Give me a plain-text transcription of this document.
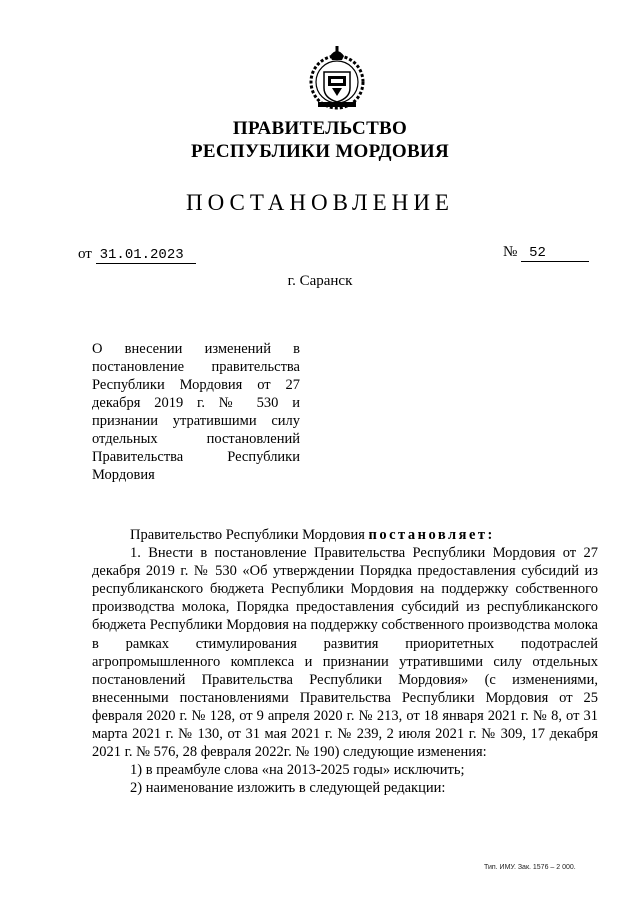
ПРАВИТЕЛЬСТВО
РЕСПУБЛИКИ МОРДОВИЯ
ПОСТАНОВЛЕНИЕ
от 31.01.2023	№ 52
г. Саранск
О внесении изменений в постановление правительства Республики Мордовия от 27 декабря 2019 г. № 530 и признании утратившими силу отдельных постановлений Правительства Республики Мордовия

Правительство Республики Мордовия постановляет:

1. Внести в постановление Правительства Республики Мордовия от 27 декабря 2019 г. № 530 «Об утверждении Порядка предоставления субсидий из республиканского бюджета Республики Мордовия на поддержку собственного производства молока, Порядка предоставления субсидий из республиканского бюджета Республики Мордовия на поддержку собственного производства молока в рамках стимулирования развития приоритетных подотраслей агропромышленного комплекса и признании утратившими силу отдельных постановлений Правительства Республики Мордовия» (с изменениями, внесенными постановлениями Правительства Республики Мордовия от 25 февраля 2020 г. № 128, от 9 апреля 2020 г. № 213, от 18 января 2021 г. № 8, от 31 марта 2021 г. № 130, от 31 мая 2021 г. № 239, 2 июля 2021 г. № 309, 17 декабря 2021 г. № 576, 28 февраля 2022г. № 190) следующие изменения:

1) в преамбуле слова «на 2013-2025 годы» исключить;

2) наименование изложить в следующей редакции:

Тип. ИМУ. Зак. 1576 – 2 000.
